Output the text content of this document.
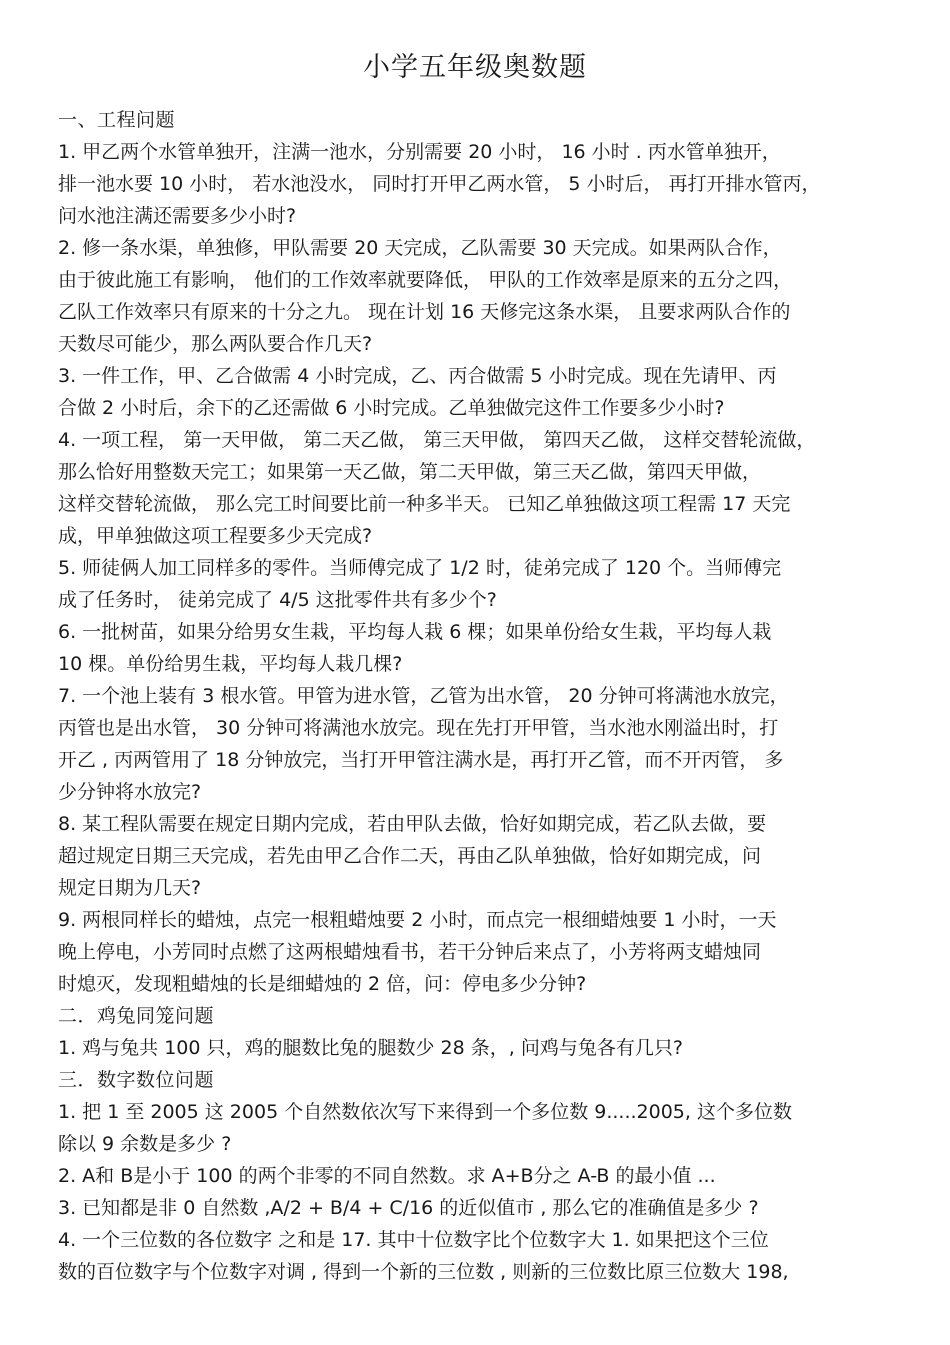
小学五年级奥数题
一、工程问题
1. 甲乙两个水管单独开，注满一池水，分别需要 20 小时， 16 小时 . 丙水管单独开，
排一池水要 10 小时， 若水池没水， 同时打开甲乙两水管， 5 小时后， 再打开排水管丙，
问水池注满还需要多少小时?
2. 修一条水渠，单独修，甲队需要 20 天完成，乙队需要 30 天完成。如果两队合作，
由于彼此施工有影响， 他们的工作效率就要降低， 甲队的工作效率是原来的五分之四，
乙队工作效率只有原来的十分之九。 现在计划 16 天修完这条水渠， 且要求两队合作的
天数尽可能少，那么两队要合作几天?
3. 一件工作，甲、乙合做需 4 小时完成，乙、丙合做需 5 小时完成。现在先请甲、丙
合做 2 小时后，余下的乙还需做 6 小时完成。乙单独做完这件工作要多少小时?
4. 一项工程， 第一天甲做， 第二天乙做， 第三天甲做， 第四天乙做， 这样交替轮流做，
那么恰好用整数天完工；如果第一天乙做，第二天甲做，第三天乙做，第四天甲做，
这样交替轮流做， 那么完工时间要比前一种多半天。 已知乙单独做这项工程需 17 天完
成，甲单独做这项工程要多少天完成?
5. 师徒俩人加工同样多的零件。当师傅完成了 1/2 时，徒弟完成了 120 个。当师傅完
成了任务时， 徒弟完成了 4/5 这批零件共有多少个?
6. 一批树苗，如果分给男女生栽，平均每人栽 6 棵；如果单份给女生栽，平均每人栽
10 棵。单份给男生栽，平均每人栽几棵?
7. 一个池上装有 3 根水管。甲管为进水管，乙管为出水管， 20 分钟可将满池水放完，
丙管也是出水管， 30 分钟可将满池水放完。现在先打开甲管，当水池水刚溢出时，打
开乙 , 丙两管用了 18 分钟放完，当打开甲管注满水是，再打开乙管，而不开丙管， 多
少分钟将水放完?
8. 某工程队需要在规定日期内完成，若由甲队去做，恰好如期完成，若乙队去做，要
超过规定日期三天完成，若先由甲乙合作二天，再由乙队单独做，恰好如期完成，问
规定日期为几天?
9. 两根同样长的蜡烛，点完一根粗蜡烛要 2 小时，而点完一根细蜡烛要 1 小时，一天
晚上停电，小芳同时点燃了这两根蜡烛看书，若干分钟后来点了，小芳将两支蜡烛同
时熄灭，发现粗蜡烛的长是细蜡烛的 2 倍，问：停电多少分钟?
二．鸡兔同笼问题
1. 鸡与兔共 100 只，鸡的腿数比兔的腿数少 28 条，, 问鸡与兔各有几只?
三．数字数位问题
1. 把 1 至 2005 这 2005 个自然数依次写下来得到一个多位数 9.....2005, 这个多位数
除以 9 余数是多少 ?
2. A和 B是小于 100 的两个非零的不同自然数。求 A+B分之 A-B 的最小值 ...
3. 已知都是非 0 自然数 ,A/2 + B/4 + C/16 的近似值市 , 那么它的准确值是多少 ?
4. 一个三位数的各位数字 之和是 17. 其中十位数字比个位数字大 1. 如果把这个三位
数的百位数字与个位数字对调 , 得到一个新的三位数 , 则新的三位数比原三位数大 198,
